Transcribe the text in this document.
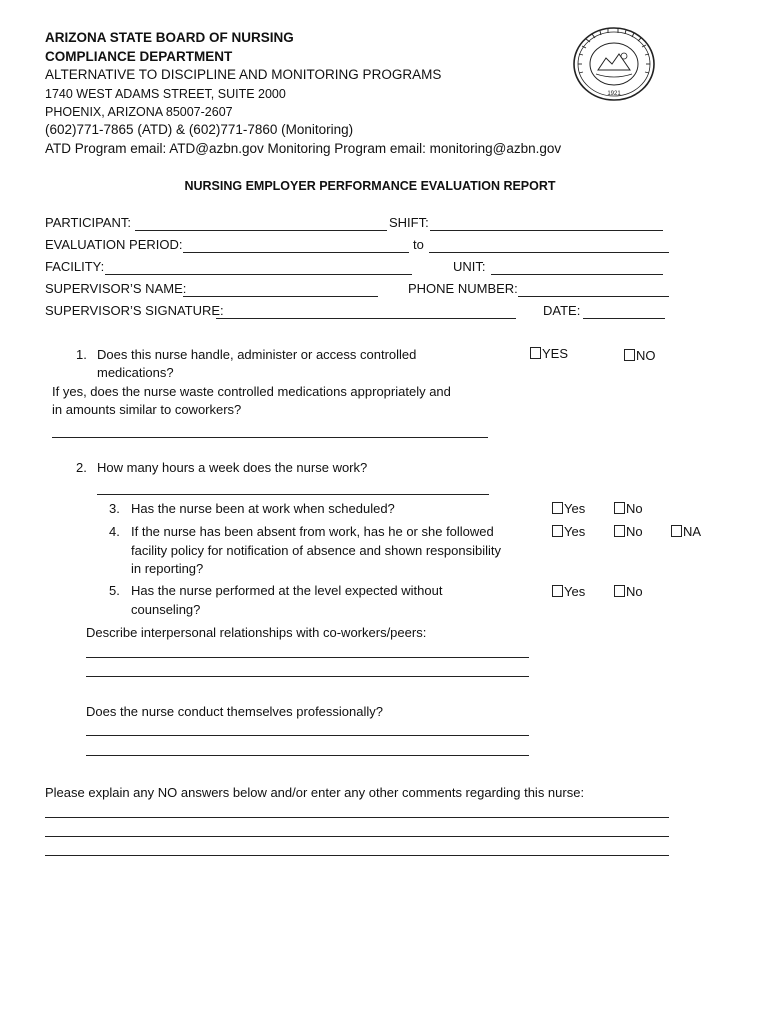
ARIZONA STATE BOARD OF NURSING
COMPLIANCE DEPARTMENT
ALTERNATIVE TO DISCIPLINE AND MONITORING PROGRAMS
1740 WEST ADAMS STREET, SUITE 2000
PHOENIX, ARIZONA 85007-2607
(602)771-7865 (ATD) & (602)771-7860 (Monitoring)
ATD Program email: ATD@azbn.gov Monitoring Program email: monitoring@azbn.gov
1921
NURSING EMPLOYER PERFORMANCE EVALUATION REPORT
PARTICIPANT:	SHIFT:
EVALUATION PERIOD:	to
FACILITY:	UNIT:
SUPERVISOR’S NAME:	PHONE NUMBER:
SUPERVISOR’S SIGNATURE:	DATE:
1. Does this nurse handle, administer or access controlled
medications?
YES	NO
If yes, does the nurse waste controlled medications appropriately and
in amounts similar to coworkers?
2. How many hours a week does the nurse work?
3. Has the nurse been at work when scheduled?	Yes	No
4. If the nurse has been absent from work, has he or she followed
facility policy for notification of absence and shown responsibility
in reporting?
Yes	No	NA
5. Has the nurse performed at the level expected without
counseling?
Yes	No
Describe interpersonal relationships with co-workers/peers:
Does the nurse conduct themselves professionally?
Please explain any NO answers below and/or enter any other comments regarding this nurse:
